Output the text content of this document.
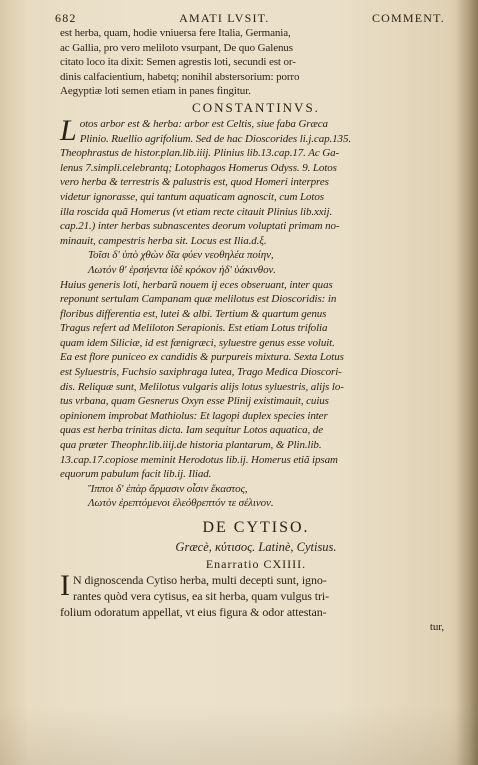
682	AMATI LVSIT.	COMMENT.
est herba, quam, hodie vniuersa fere Italia, Germania,
ac Gallia, pro vero meliloto vsurpant, De quo Galenus
citato loco ita dixit: Semen agrestis loti, secundi est or-
dinis calfacientium, habetq; nonihil abstersorium: porro
Aegyptiæ loti semen etiam in panes fingitur.
CONSTANTINVS.
L otos arbor est & herba: arbor est Celtis, siue faba Græca
Plinio. Ruellio agrifolium. Sed de hac Dioscorides li.j.cap.135.
Theophrastus de histor.plan.lib.iiij. Plinius lib.13.cap.17. Ac Ga-
lenus 7.simpli.celebrantq; Lotophagos Homerus Odyss. 9. Lotos
vero herba & terrestris & palustris est, quod Homeri interpres
videtur ignorasse, qui tantum aquaticam agnoscit, cum Lotos
illa roscida quã Homerus (vt etiam recte citauit Plinius lib.xxij.
cap.21.) inter herbas subnascentes deorum voluptati primam no-
minauit, campestris herba sit. Locus est Ilia.d.ξ.
Τοῖσι δ' ὑπὸ χθὼν δῖα φύεν νεοθηλέα ποίην,
Λωτόν θ' ἑρσήεντα ἰδὲ κρόκον ἠδ' ὑάκινθον.
Huius generis loti, herbarũ nouem ij eces obseruant, inter quas
reponunt sertulam Campanam quæ melilotus est Dioscoridis: in
floribus differentia est, lutei & albi. Tertium & quartum genus
Tragus refert ad Meliloton Serapionis. Est etiam Lotus trifolia
quam idem Siliciæ, id est fænigræci, syluestre genus esse voluit.
Ea est flore puniceo ex candidis & purpureis mixtura. Sexta Lotus
est Syluestris, Fuchsio saxiphraga lutea, Trago Medica Dioscori-
dis. Reliquæ sunt, Melilotus vulgaris alijs lotus syluestris, alijs lo-
tus vrbana, quam Gesnerus Oxyn esse Plinij existimauit, cuius
opinionem improbat Mathiolus: Et lagopi duplex species inter
quas est herba trinitas dicta. Iam sequitur Lotos aquatica, de
qua præter Theophr.lib.iiij.de historia plantarum, & Plin.lib.
13.cap.17.copiose meminit Herodotus lib.ij. Homerus etiã ipsam
equorum pabulum facit lib.ij. Iliad.
Ἵπποι δ' ἐπὰρ ἄρμασιν οἷσιν ἕκαστος,
Λωτὸν ἐρεπτόμενοι ἐλεόθρεπτόν τε σέλινον.
DE CYTISO.
Græcè, κύτισος. Latinè, Cytisus.
Enarratio CXIIII.
I N dignoscenda Cytiso herba, multi decepti sunt, igno-
rantes quòd vera cytisus, ea sit herba, quam vulgus tri-
folium odoratum appellat, vt eius figura & odor attestan-
tur,
